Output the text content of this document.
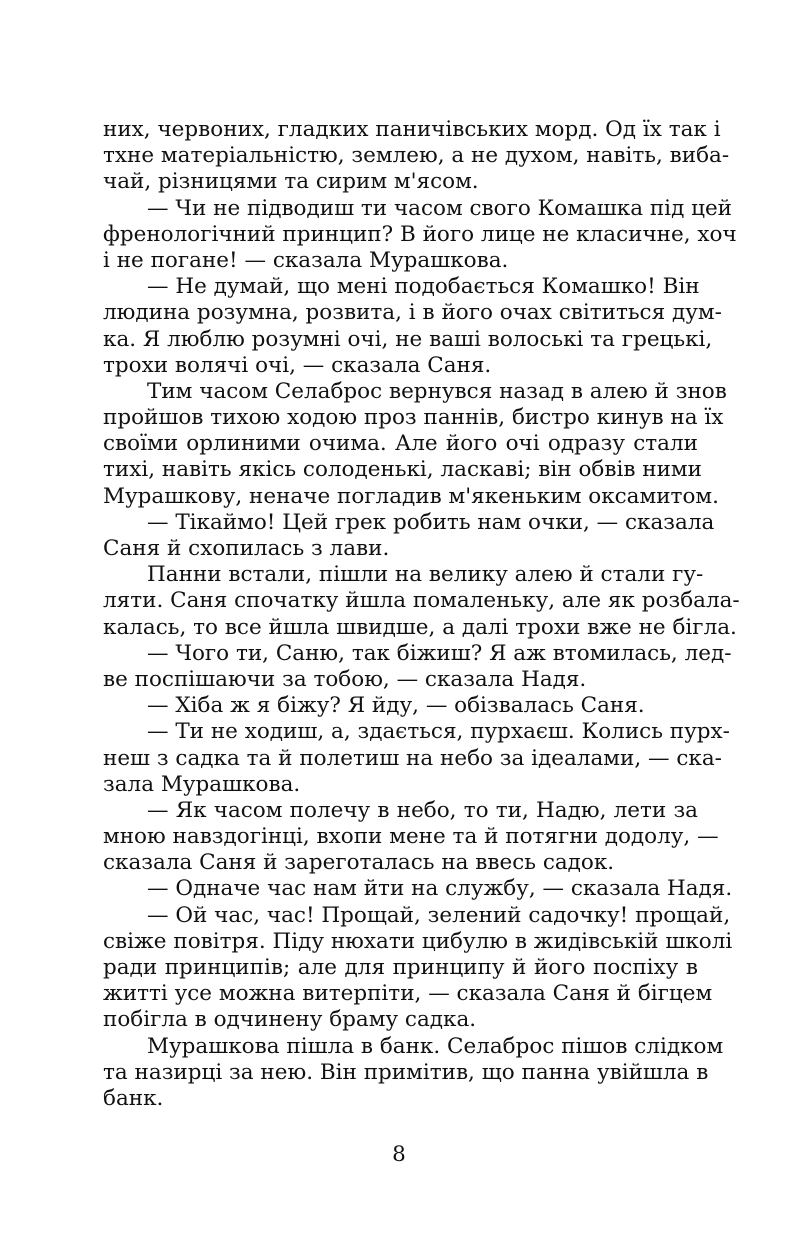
них, червоних, гладких паничівських морд. Од їх так і
тхне матеріальністю, землею, а не духом, навіть, виба-
чай, різницями та сирим м'ясом.
— Чи не підводиш ти часом свого Комашка під цей
френологічний принцип? В його лице не класичне, хоч
і не погане! — сказала Мурашкова.
— Не думай, що мені подобається Комашко! Він
людина розумна, розвита, і в його очах світиться дум-
ка. Я люблю розумні очі, не ваші волоські та грецькі,
трохи волячі очі, — сказала Саня.
Тим часом Селаброс вернувся назад в алею й знов
пройшов тихою ходою проз паннів, бистро кинув на їх
своїми орлиними очима. Але його очі одразу стали
тихі, навіть якісь солоденькі, ласкаві; він обвів ними
Мурашкову, неначе погладив м'якеньким оксамитом.
— Тікаймо! Цей грек робить нам очки, — сказала
Саня й схопилась з лави.
Панни встали, пішли на велику алею й стали гу-
ляти. Саня спочатку йшла помаленьку, але як розбала-
калась, то все йшла швидше, а далі трохи вже не бігла.
— Чого ти, Саню, так біжиш? Я аж втомилась, лед-
ве поспішаючи за тобою, — сказала Надя.
— Хіба ж я біжу? Я йду, — обізвалась Саня.
— Ти не ходиш, а, здається, пурхаєш. Колись пурх-
неш з садка та й полетиш на небо за ідеалами, — ска-
зала Мурашкова.
— Як часом полечу в небо, то ти, Надю, лети за
мною навздогінці, вхопи мене та й потягни додолу, —
сказала Саня й зареготалась на ввесь садок.
— Одначе час нам йти на службу, — сказала Надя.
— Ой час, час! Прощай, зелений садочку! прощай,
свіже повітря. Піду нюхати цибулю в жидівській школі
ради принципів; але для принципу й його поспіху в
житті усе можна витерпіти, — сказала Саня й бігцем
побігла в одчинену браму садка.
Мурашкова пішла в банк. Селаброс пішов слідком
та назирці за нею. Він примітив, що панна увійшла в
банк.
8
